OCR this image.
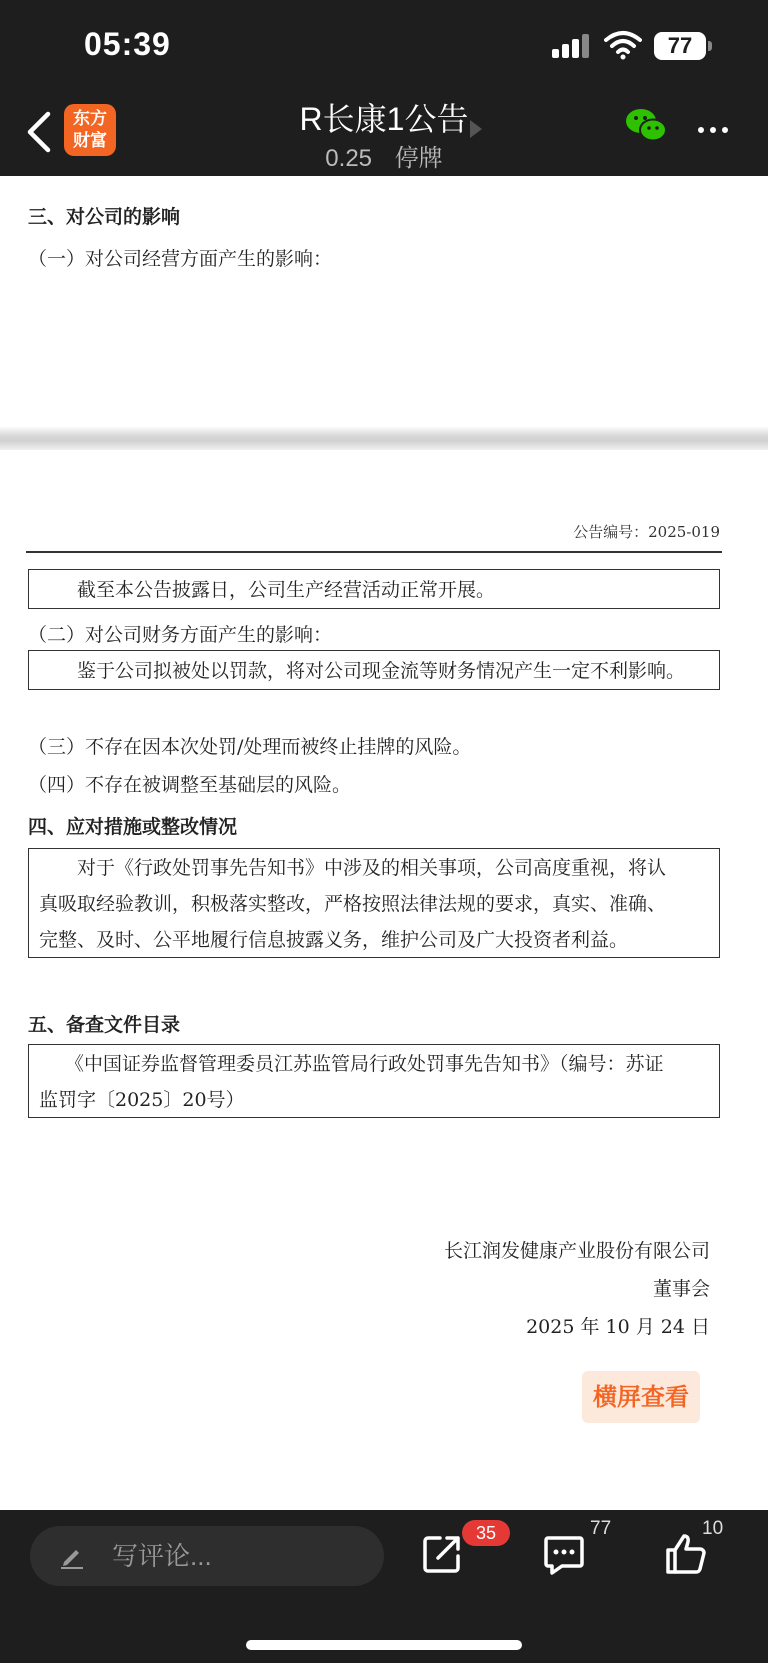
05:39	77
东方
财富
R长康1公告
0.25 停牌
三、对公司的影响
（一）对公司经营方面产生的影响：
公告编号：2025-019
截至本公告披露日，公司生产经营活动正常开展。
（二）对公司财务方面产生的影响：
鉴于公司拟被处以罚款，将对公司现金流等财务情况产生一定不利影响。
（三）不存在因本次处罚/处理而被终止挂牌的风险。
（四）不存在被调整至基础层的风险。
四、应对措施或整改情况
对于《行政处罚事先告知书》中涉及的相关事项，公司高度重视，将认
真吸取经验教训，积极落实整改，严格按照法律法规的要求，真实、准确、
完整、及时、公平地履行信息披露义务，维护公司及广大投资者利益。
五、备查文件目录
《中国证券监督管理委员江苏监管局行政处罚事先告知书》（编号：苏证
监罚字〔2025〕20号）
长江润发健康产业股份有限公司
董事会
2025 年 10 月 24 日
横屏查看
写评论...
35	77	10
